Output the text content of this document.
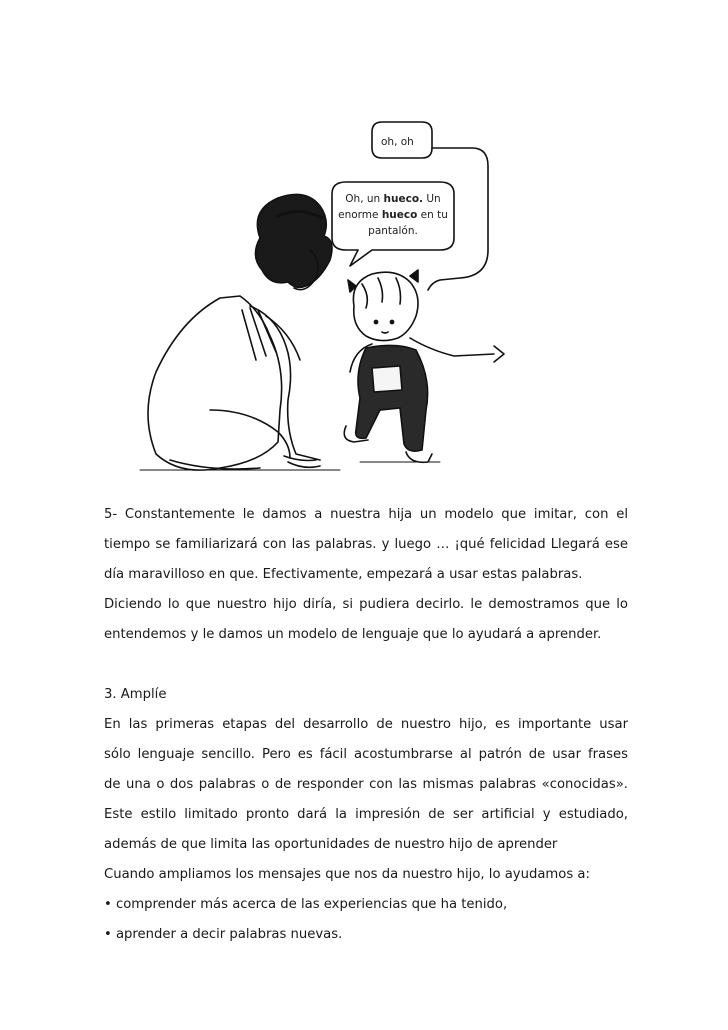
oh, oh
Oh, un hueco. Un
enorme hueco en tu
pantalón.
5- Constantemente le damos a nuestra hija un modelo que imitar, con el
tiempo se familiarizará con las palabras. y luego … ¡qué felicidad Llegará ese
día maravilloso en que. Efectivamente, empezará a usar estas palabras.
Diciendo lo que nuestro hijo diría, si pudiera decirlo. le demostramos que lo
entendemos y le damos un modelo de lenguaje que lo ayudará a aprender.
3. Amplíe
En las primeras etapas del desarrollo de nuestro hijo, es importante usar
sólo lenguaje sencillo. Pero es fácil acostumbrarse al patrón de usar frases
de una o dos palabras o de responder con las mismas palabras «conocidas».
Este estilo limitado pronto dará la impresión de ser artificial y estudiado,
además de que limita las oportunidades de nuestro hijo de aprender
Cuando ampliamos los mensajes que nos da nuestro hijo, lo ayudamos a:
• comprender más acerca de las experiencias que ha tenido,
• aprender a decir palabras nuevas.
